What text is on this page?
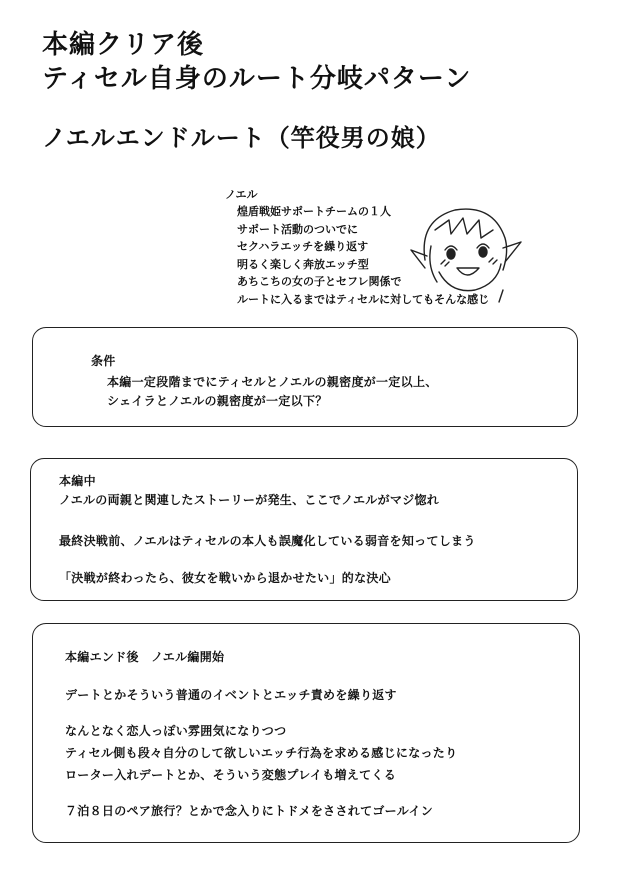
本編クリア後
ティセル自身のルート分岐パターン
ノエルエンドルート（竿役男の娘）
ノエル
煌盾戦姫サポートチームの１人
サポート活動のついでに
セクハラエッチを繰り返す
明るく楽しく奔放エッチ型
あちこちの女の子とセフレ関係で
ルートに入るまではティセルに対してもそんな感じ

条件

本編一定段階までにティセルとノエルの親密度が一定以上、

シェイラとノエルの親密度が一定以下？

本編中

ノエルの両親と関連したストーリーが発生、ここでノエルがマジ惚れ

最終決戦前、ノエルはティセルの本人も誤魔化している弱音を知ってしまう

「決戦が終わったら、彼女を戦いから退かせたい」的な決心

本編エンド後　ノエル編開始

デートとかそういう普通のイベントとエッチ責めを繰り返す

なんとなく恋人っぽい雰囲気になりつつ

ティセル側も段々自分のして欲しいエッチ行為を求める感じになったり

ローター入れデートとか、そういう変態プレイも増えてくる

７泊８日のペア旅行？とかで念入りにトドメをさされてゴールイン
